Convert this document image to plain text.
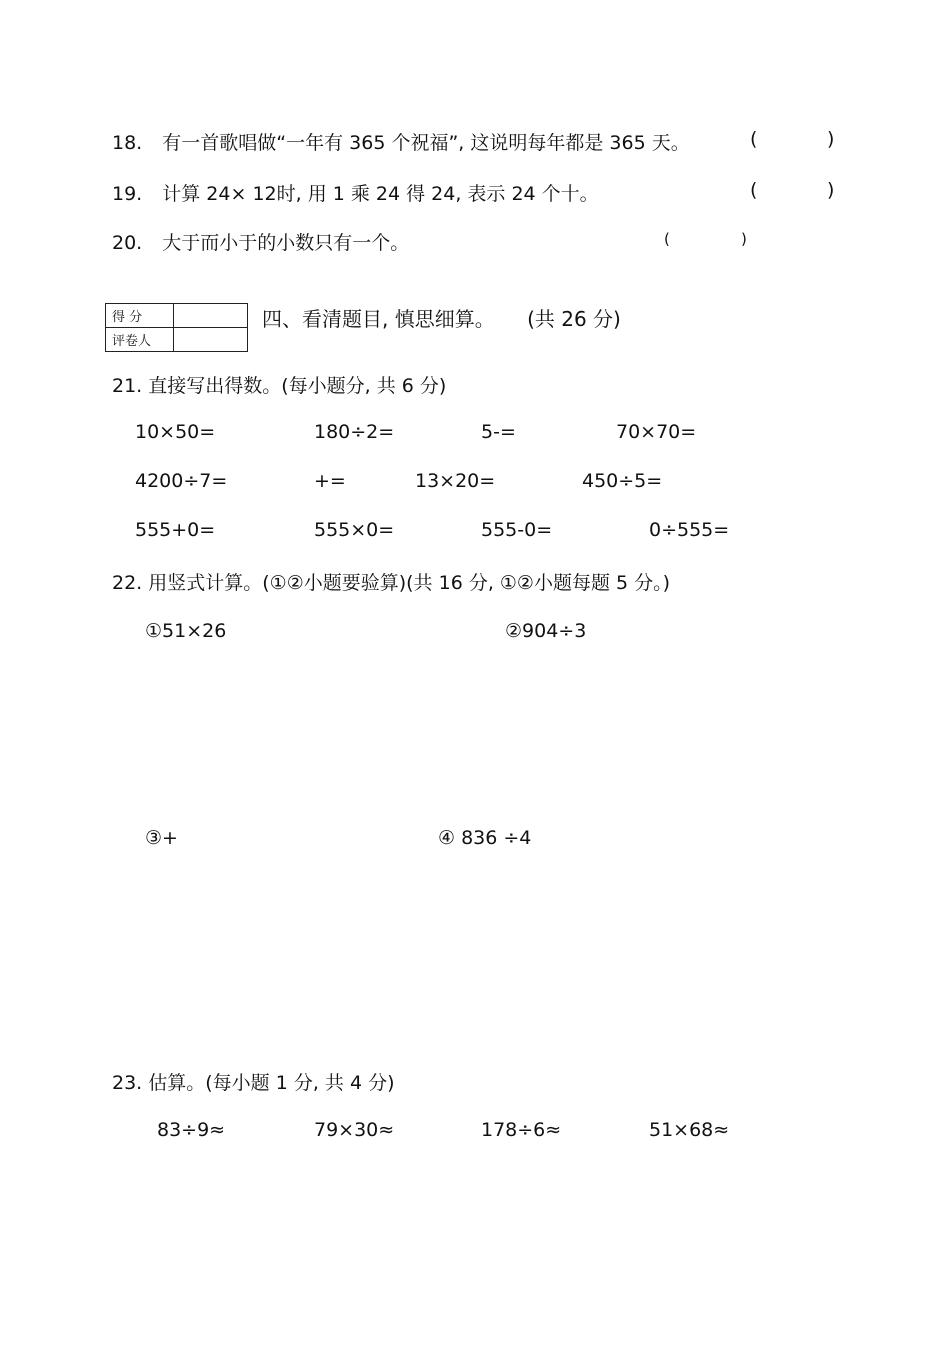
18. 有一首歌唱做“一年有 365 个祝福”, 这说明每年都是 365 天。	(	)
19. 计算 24× 12时, 用 1 乘 24 得 24, 表示 24 个十。	(	)
20. 大于而小于的小数只有一个。	(	)
得 分	
评卷人	
四、看清题目, 慎思细算。 (共 26 分)
21. 直接写出得数。(每小题分, 共 6 分)
10×50=	180÷2=	5-=	70×70=
4200÷7=	+=	13×20=	450÷5=
555+0=	555×0=	555-0=	0÷555=
22. 用竖式计算。(①②小题要验算)(共 16 分, ①②小题每题 5 分。)
①51×26	②904÷3
③+	④ 836 ÷4
23. 估算。(每小题 1 分, 共 4 分)
83÷9≈	79×30≈	178÷6≈	51×68≈
